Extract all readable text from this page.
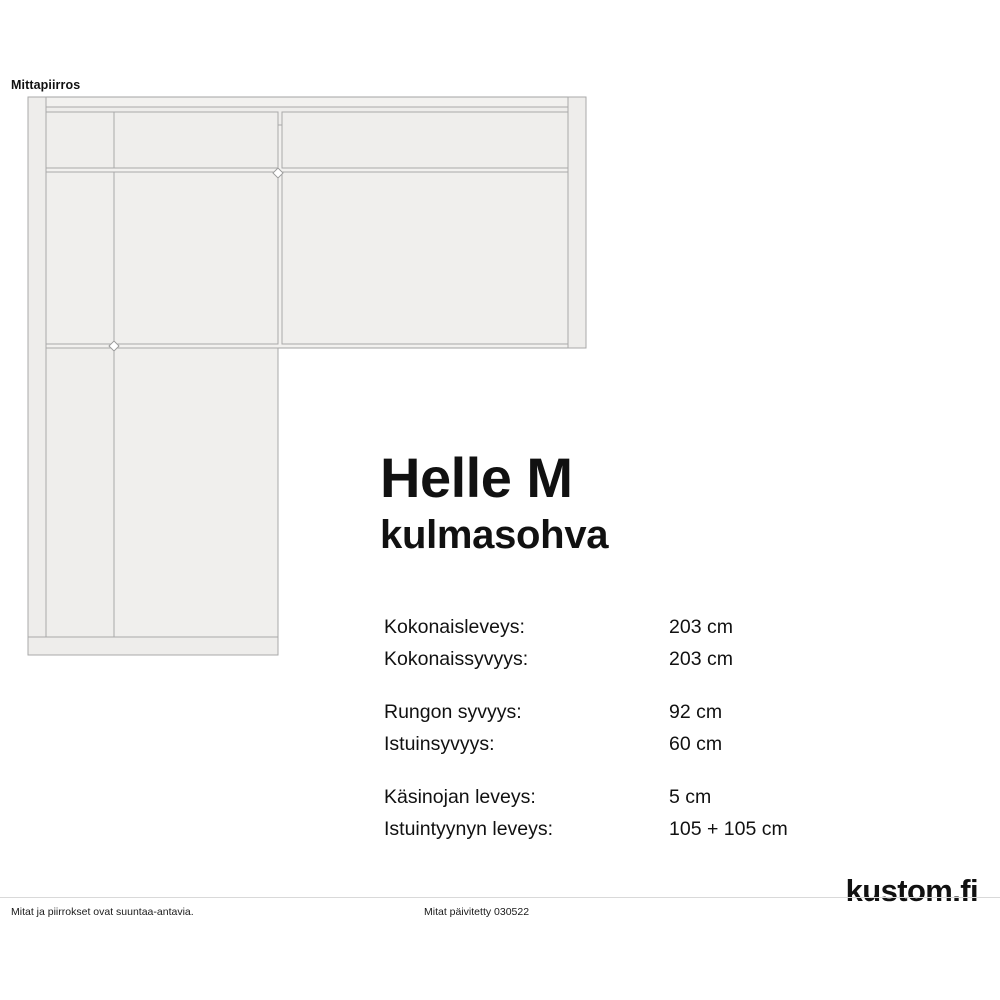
Mittapiirros
Helle M
kulmasohva
Kokonaisleveys:	203 cm
Kokonaissyvyys:	203 cm
Rungon syvyys:	92 cm
Istuinsyvyys:	60 cm
Käsinojan leveys:	5 cm
Istuintyynyn leveys:	105 + 105 cm
kustom.fi
Mitat ja piirrokset ovat suuntaa-antavia.	Mitat päivitetty 030522
